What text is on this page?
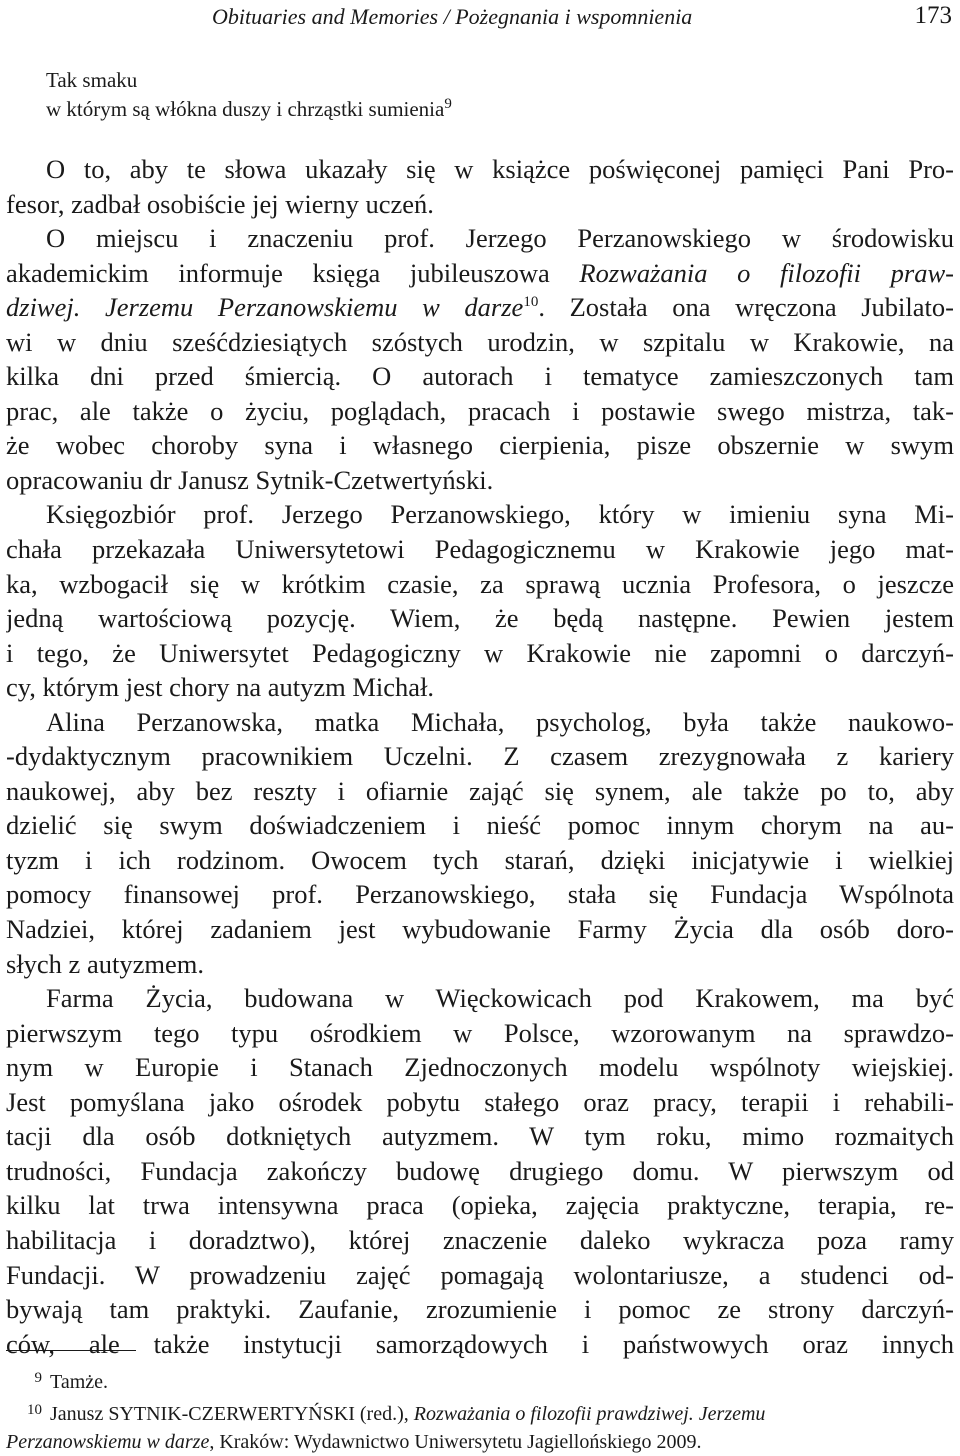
Obituaries and Memories / Pożegnania i wspomnienia	173
Tak smaku
w którym są włókna duszy i chrząstki sumienia$^9$
O to, aby te słowa ukazały się w książce poświęconej pamięci Pani Pro-
fesor, zadbał osobiście jej wierny uczeń.
O miejscu i znaczeniu prof. Jerzego Perzanowskiego w środowisku
akademickim informuje księga jubileuszowa Rozważania o filozofii praw-
dziwej. Jerzemu Perzanowskiemu w darze$^{10}$. Została ona wręczona Jubilato-
wi w dniu sześćdziesiątych szóstych urodzin, w szpitalu w Krakowie, na
kilka dni przed śmiercią. O autorach i tematyce zamieszczonych tam
prac, ale także o życiu, poglądach, pracach i postawie swego mistrza, tak-
że wobec choroby syna i własnego cierpienia, pisze obszernie w swym
opracowaniu dr Janusz Sytnik-Czetwertyński.
Księgozbiór prof. Jerzego Perzanowskiego, który w imieniu syna Mi-
chała przekazała Uniwersytetowi Pedagogicznemu w Krakowie jego mat-
ka, wzbogacił się w krótkim czasie, za sprawą ucznia Profesora, o jeszcze
jedną wartościową pozycję. Wiem, że będą następne. Pewien jestem
i tego, że Uniwersytet Pedagogiczny w Krakowie nie zapomni o darczyń-
cy, którym jest chory na autyzm Michał.
Alina Perzanowska, matka Michała, psycholog, była także naukowo-
-dydaktycznym pracownikiem Uczelni. Z czasem zrezygnowała z kariery
naukowej, aby bez reszty i ofiarnie zająć się synem, ale także po to, aby
dzielić się swym doświadczeniem i nieść pomoc innym chorym na au-
tyzm i ich rodzinom. Owocem tych starań, dzięki inicjatywie i wielkiej
pomocy finansowej prof. Perzanowskiego, stała się Fundacja Wspólnota
Nadziei, której zadaniem jest wybudowanie Farmy Życia dla osób doro-
słych z autyzmem.
Farma Życia, budowana w Więckowicach pod Krakowem, ma być
pierwszym tego typu ośrodkiem w Polsce, wzorowanym na sprawdzo-
nym w Europie i Stanach Zjednoczonych modelu wspólnoty wiejskiej.
Jest pomyślana jako ośrodek pobytu stałego oraz pracy, terapii i rehabili-
tacji dla osób dotkniętych autyzmem. W tym roku, mimo rozmaitych
trudności, Fundacja zakończy budowę drugiego domu. W pierwszym od
kilku lat trwa intensywna praca (opieka, zajęcia praktyczne, terapia, re-
habilitacja i doradztwo), której znaczenie daleko wykracza poza ramy
Fundacji. W prowadzeniu zajęć pomagają wolontariusze, a studenci od-
bywają tam praktyki. Zaufanie, zrozumienie i pomoc ze strony darczyń-
ców, ale także instytucji samorządowych i państwowych oraz innych
9 Tamże.
10 Janusz SYTNIK-CZERWERTYŃSKI (red.), Rozważania o filozofii prawdziwej. Jerzemu
Perzanowskiemu w darze, Kraków: Wydawnictwo Uniwersytetu Jagiellońskiego 2009.
